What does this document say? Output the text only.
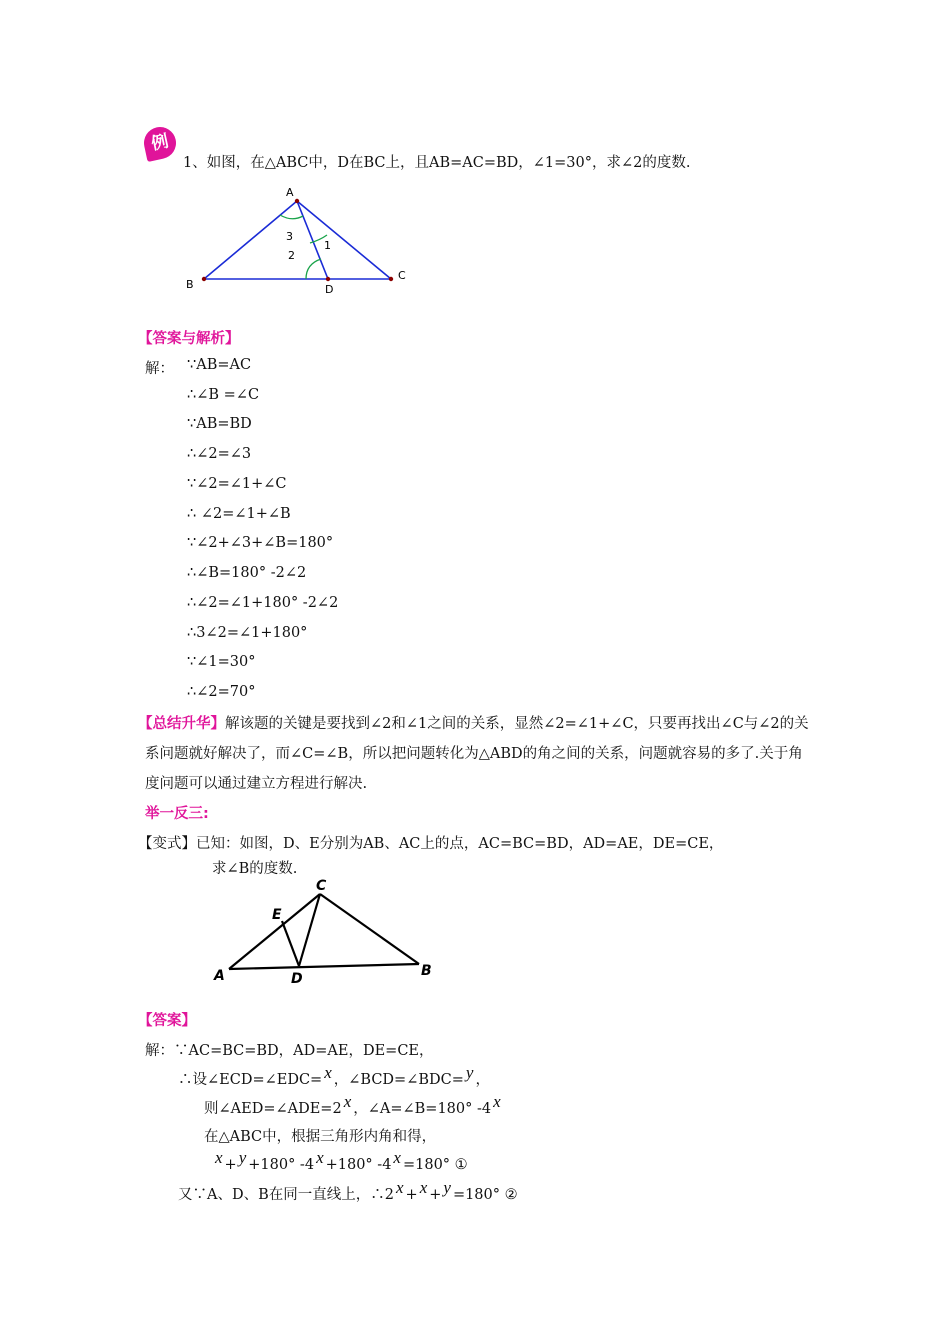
例
1、如图，在△ABC中，D在BC上，且AB=AC=BD，∠1=30°，求∠2的度数.
A
B
C
D
3
1
2
【答案与解析】
解： ∵AB=AC
∴∠B =∠C
∵AB=BD
∴∠2=∠3
∵∠2=∠1+∠C
∴ ∠2=∠1+∠B
∵∠2+∠3+∠B=180°
∴∠B=180° -2∠2
∴∠2=∠1+180° -2∠2
∴3∠2=∠1+180°
∵∠1=30°
∴∠2=70°
【总结升华】解该题的关键是要找到∠2和∠1之间的关系，显然∠2=∠1+∠C，只要再找出∠C与∠2的关系问题就好解决了，而∠C=∠B，所以把问题转化为△ABD的角之间的关系，问题就容易的多了.关于角度问题可以通过建立方程进行解决.
举一反三:
【变式】已知：如图，D、E分别为AB、AC上的点，AC=BC=BD，AD=AE，DE=CE，
求∠B的度数.
C
E
A	D	B
【答案】
解：∵AC=BC=BD，AD=AE，DE=CE，
∴设∠ECD=∠EDC= x ，∠BCD=∠BDC= y ，
则∠AED=∠ADE=2 x ，∠A=∠B=180° -4 x
在△ABC中，根据三角形内角和得，
x + y +180° -4 x +180° -4 x =180° ①
又∵A、D、B在同一直线上，∴2 x + x + y =180° ②
